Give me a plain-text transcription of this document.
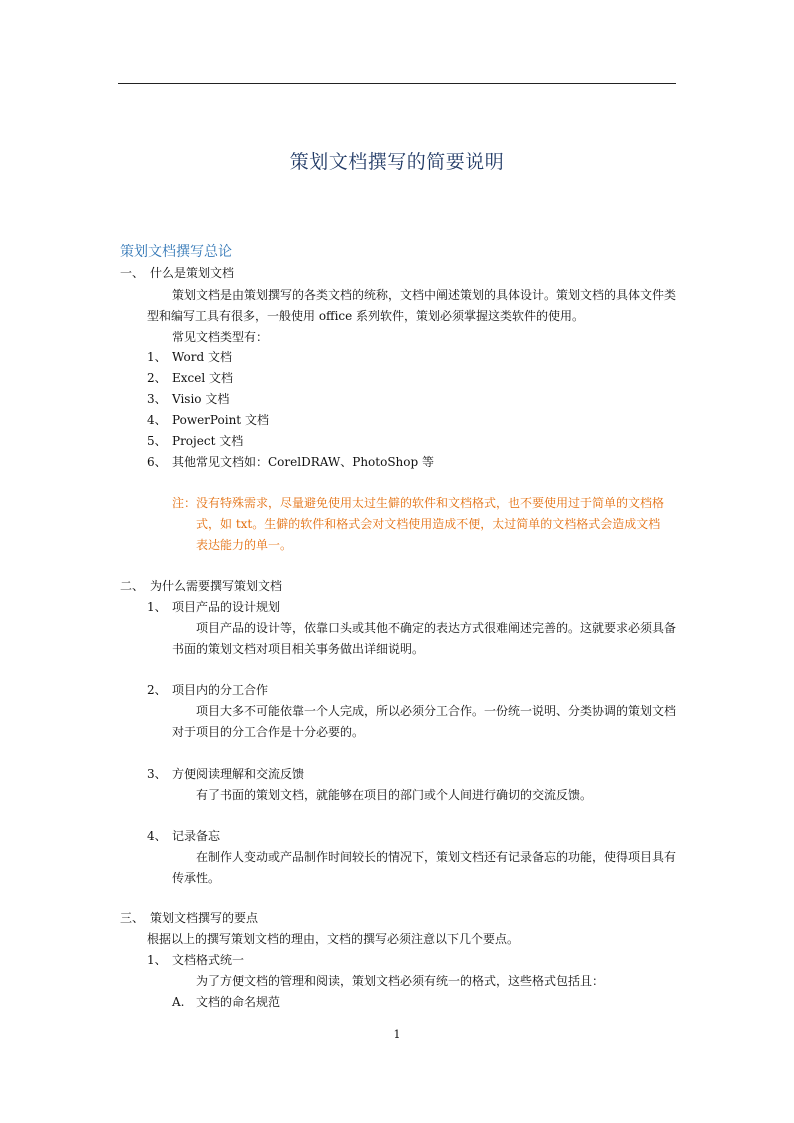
策划文档撰写的简要说明
策划文档撰写总论
一、 什么是策划文档
策划文档是由策划撰写的各类文档的统称，文档中阐述策划的具体设计。策划文档的具体文件类
型和编写工具有很多，一般使用 office 系列软件，策划必须掌握这类软件的使用。
常见文档类型有：
1、 Word 文档
2、 Excel 文档
3、 Visio 文档
4、 PowerPoint 文档
5、 Project 文档
6、 其他常见文档如：CorelDRAW、PhotoShop 等
注：没有特殊需求，尽量避免使用太过生僻的软件和文档格式，也不要使用过于简单的文档格
式，如 txt。生僻的软件和格式会对文档使用造成不便，太过简单的文档格式会造成文档
表达能力的单一。
二、 为什么需要撰写策划文档
1、 项目产品的设计规划
项目产品的设计等，依靠口头或其他不确定的表达方式很难阐述完善的。这就要求必须具备
书面的策划文档对项目相关事务做出详细说明。
2、 项目内的分工合作
项目大多不可能依靠一个人完成，所以必须分工合作。一份统一说明、分类协调的策划文档
对于项目的分工合作是十分必要的。
3、 方便阅读理解和交流反馈
有了书面的策划文档，就能够在项目的部门或个人间进行确切的交流反馈。
4、 记录备忘
在制作人变动或产品制作时间较长的情况下，策划文档还有记录备忘的功能，使得项目具有
传承性。
三、 策划文档撰写的要点
根据以上的撰写策划文档的理由，文档的撰写必须注意以下几个要点。
1、 文档格式统一
为了方便文档的管理和阅读，策划文档必须有统一的格式，这些格式包括且：
A. 文档的命名规范
1
